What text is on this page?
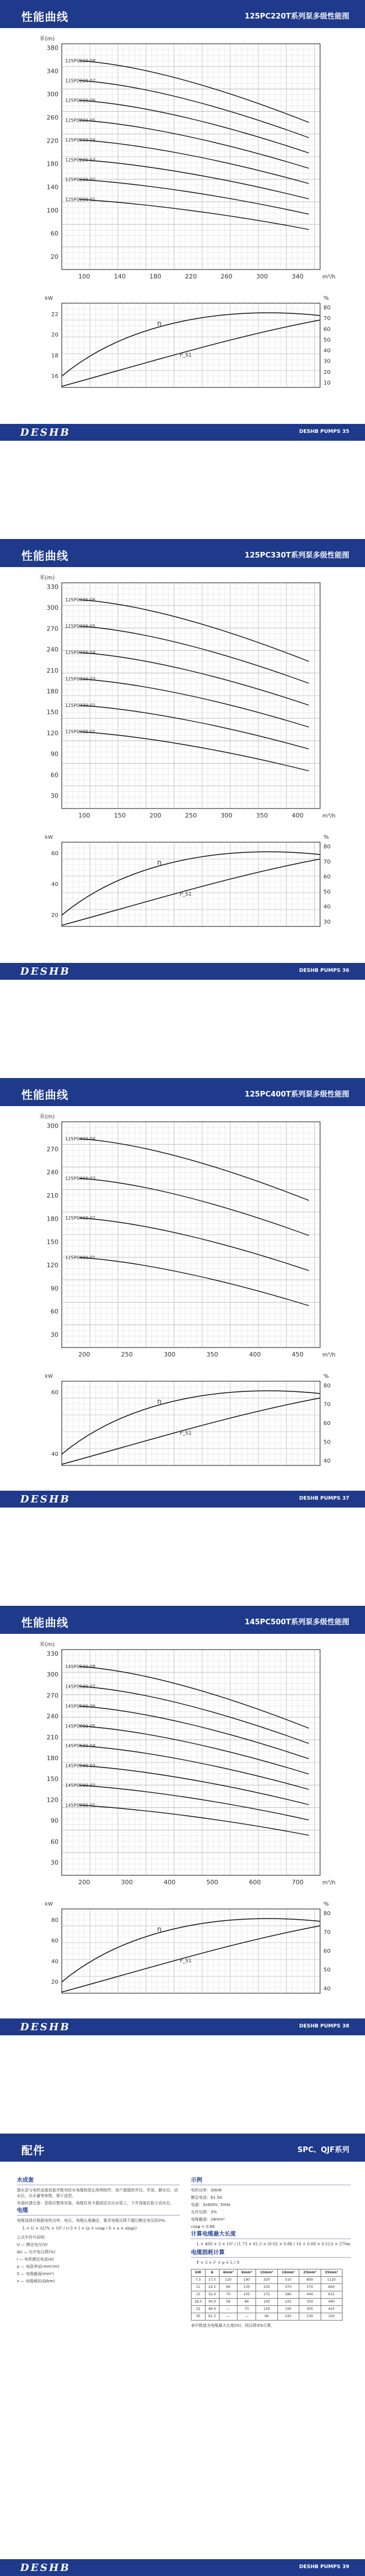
性能曲线	125PC220T系列泵多级性能图
DESHB	DESHB PUMPS 35
380
340
300
260
220
180
140
100
60
20
米(m)
100	140	180	220	260	300	340	m³/h
125PC220-08
125PC220-07
125PC220-06
125PC220-05
125PC220-04
125PC220-03
125PC220-02
125PC220-01
80
70
60
50
40
30
20
10
%
22
20
18
16
kW
η
P_S1
性能曲线	125PC330T系列泵多级性能图
DESHB	DESHB PUMPS 36
330
300
270
240
210
180
150
120
90
60
30
米(m)
100	150	200	250	300	350	400	m³/h
125PC330-06
125PC330-05
125PC330-04
125PC330-03
125PC330-02
125PC330-01
80
70
60
50
40
30
%
60
40
20
kW
η
P_S1
性能曲线	125PC400T系列泵多级性能图
DESHB	DESHB PUMPS 37
300
270
240
210
180
150
120
90
60
30
米(m)
200	250	300	350	400	450	m³/h
125PC400-04
125PC400-03
125PC400-02
125PC400-01
80
70
60
50
40
%
60
40
kW
η
P_S1
性能曲线	145PC500T系列泵多级性能图
DESHB	DESHB PUMPS 38
330
300
270
240
210
180
150
120
90
60
30
米(m)
200	300	400	500	600	700	m³/h
145PC500-08
145PC500-07
145PC500-06
145PC500-05
145PC500-04
145PC500-03
145PC500-02
145PC500-01
80
70
60
50
40
%
80
60
40
20
kW
η
P_S1
配件	SPC、QJF系列
水成套

潜水泵与电机连接成套并配有防水电缆和逆止阀等附件。用户需提供井径、井深、静水位、动水位、出水量等参数，便于选型。

安装时请注意：泵组应整体吊装，电缆应用卡箍固定在出水管上，下井深度应低于动水位。

电缆

电缆选择应根据电机功率、电压、电缆长度确定，要求电缆压降不超过额定电压的3%。

L = U × ΔU% × 10³ / (√3 × I × (ρ × cosφ / S + x × sinφ))

公式中符号说明：

U — 额定电压(V)

ΔU — 允许电压降(%)

I — 电机额定电流(A)

ρ — 电阻率(Ω·mm²/m)

S — 电缆截面(mm²)

x — 电缆感抗(Ω/km)

示例

电机功率：30kW

额定电流：61.5A

电源：3x400V, 50Hz

允许压降：3%

电缆截面：16mm²

cosφ = 0.86

计算电缆最大长度
L = 400 × 3 × 10³ / (1.73 × 61.5 × (0.02 × 0.86 / 16 + 0.08 × 0.51)) = 270m
电缆损耗计算
P = 3 × I² × ρ × L / S
kW	A	4mm²	6mm²	10mm²	16mm²	25mm²	35mm²
7.5	17.5	130	190	320	510	800	1120
11	24.5	90	135	230	370	570	800
15	32.0	70	105	175	280	440	615
18.5	40.0	56	84	140	225	350	490
22	46.0	—	73	120	195	305	425
30	61.5	—	—	90	145	230	320

表中数值为电缆最大长度(m)，按压降3%计算。

DESHB	DESHB PUMPS 39
